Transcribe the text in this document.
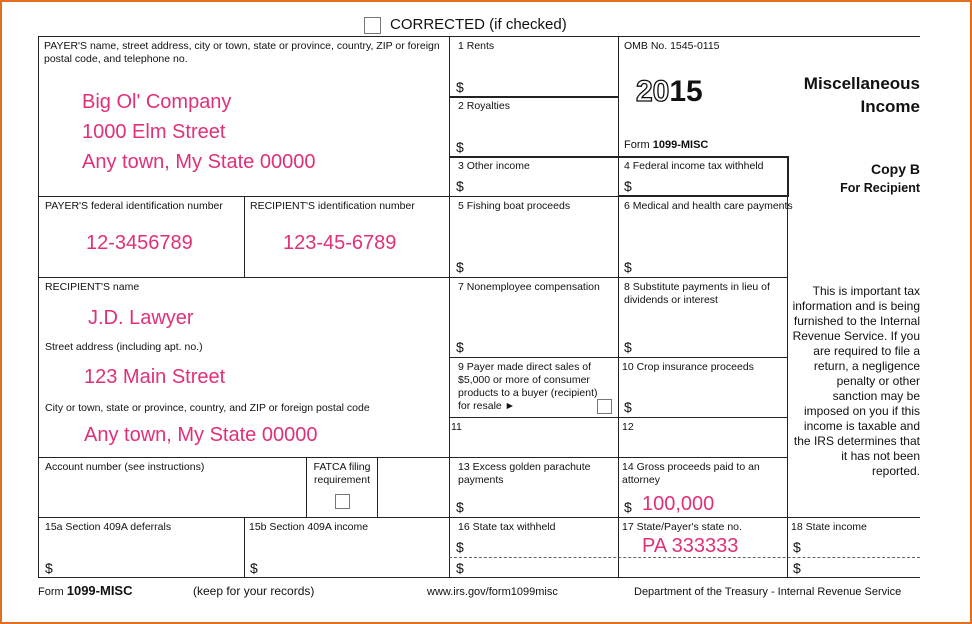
CORRECTED (if checked)
PAYER'S name, street address, city or town, state or province, country, ZIP or foreign postal code, and telephone no.
Big Ol' Company
1000 Elm Street
Any town, My State 00000
PAYER'S federal identification number
12-3456789
RECIPIENT'S identification number
123-45-6789
RECIPIENT'S name
J.D. Lawyer
Street address (including apt. no.)
123 Main Street
City or town, state or province, country, and ZIP or foreign postal code
Any town, My State 00000
Account number (see instructions)	FATCA filing requirement
1 Rents
$
2 Royalties
$
3 Other income
$
5 Fishing boat proceeds
$
7 Nonemployee compensation
$
9 Payer made direct sales of $5,000 or more of consumer products to a buyer (recipient) for resale ►
11
13 Excess golden parachute payments
$
16 State tax withheld
$
$
OMB No. 1545-0115
2015
Form 1099-MISC
4 Federal income tax withheld
$
6 Medical and health care payments
$
8 Substitute payments in lieu of dividends or interest
$
10 Crop insurance proceeds
$
12
14 Gross proceeds paid to an attorney
$ 100,000
17 State/Payer's state no.
PA 333333
Miscellaneous
Income
Copy B
For Recipient
This is important tax information and is being furnished to the Internal Revenue Service. If you are required to file a return, a negligence penalty or other sanction may be imposed on you if this income is taxable and the IRS determines that it has not been reported.
18 State income
$
$
15a Section 409A deferrals
$
15b Section 409A income
$
Form 1099-MISC	(keep for your records)	www.irs.gov/form1099misc	Department of the Treasury - Internal Revenue Service
